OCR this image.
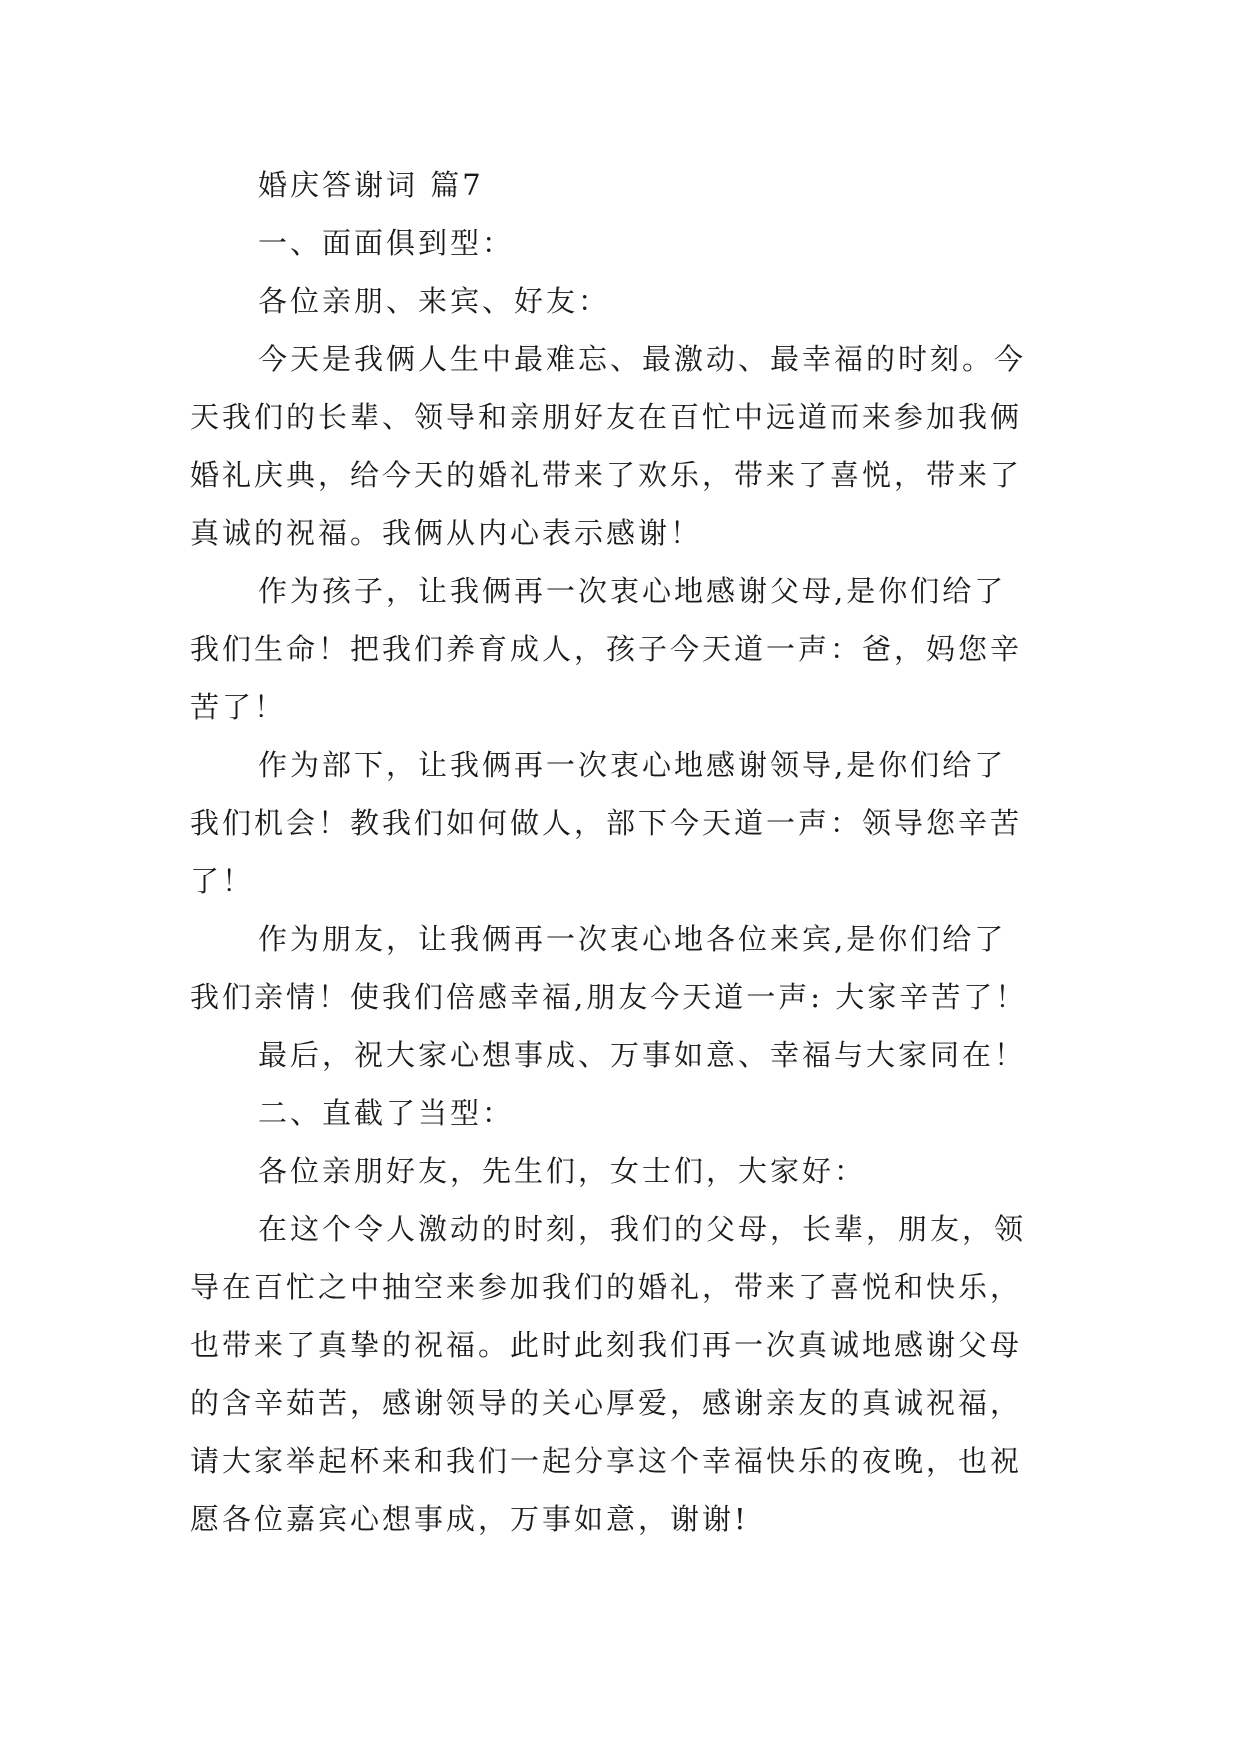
婚庆答谢词 篇7
一、面面俱到型：
各位亲朋、来宾、好友：
今天是我俩人生中最难忘、最激动、最幸福的时刻。今
天我们的长辈、领导和亲朋好友在百忙中远道而来参加我俩
婚礼庆典，给今天的婚礼带来了欢乐，带来了喜悦，带来了
真诚的祝福。我俩从内心表示感谢！
作为孩子，让我俩再一次衷心地感谢父母,是你们给了
我们生命！把我们养育成人，孩子今天道一声：爸，妈您辛
苦了！
作为部下，让我俩再一次衷心地感谢领导,是你们给了
我们机会！教我们如何做人，部下今天道一声：领导您辛苦
了！
作为朋友，让我俩再一次衷心地各位来宾,是你们给了
我们亲情！使我们倍感幸福,朋友今天道一声: 大家辛苦了！
最后，祝大家心想事成、万事如意、幸福与大家同在！
二、直截了当型：
各位亲朋好友，先生们，女士们，大家好：
在这个令人激动的时刻，我们的父母，长辈，朋友，领
导在百忙之中抽空来参加我们的婚礼，带来了喜悦和快乐，
也带来了真挚的祝福。此时此刻我们再一次真诚地感谢父母
的含辛茹苦，感谢领导的关心厚爱，感谢亲友的真诚祝福，
请大家举起杯来和我们一起分享这个幸福快乐的夜晚，也祝
愿各位嘉宾心想事成，万事如意，谢谢!
